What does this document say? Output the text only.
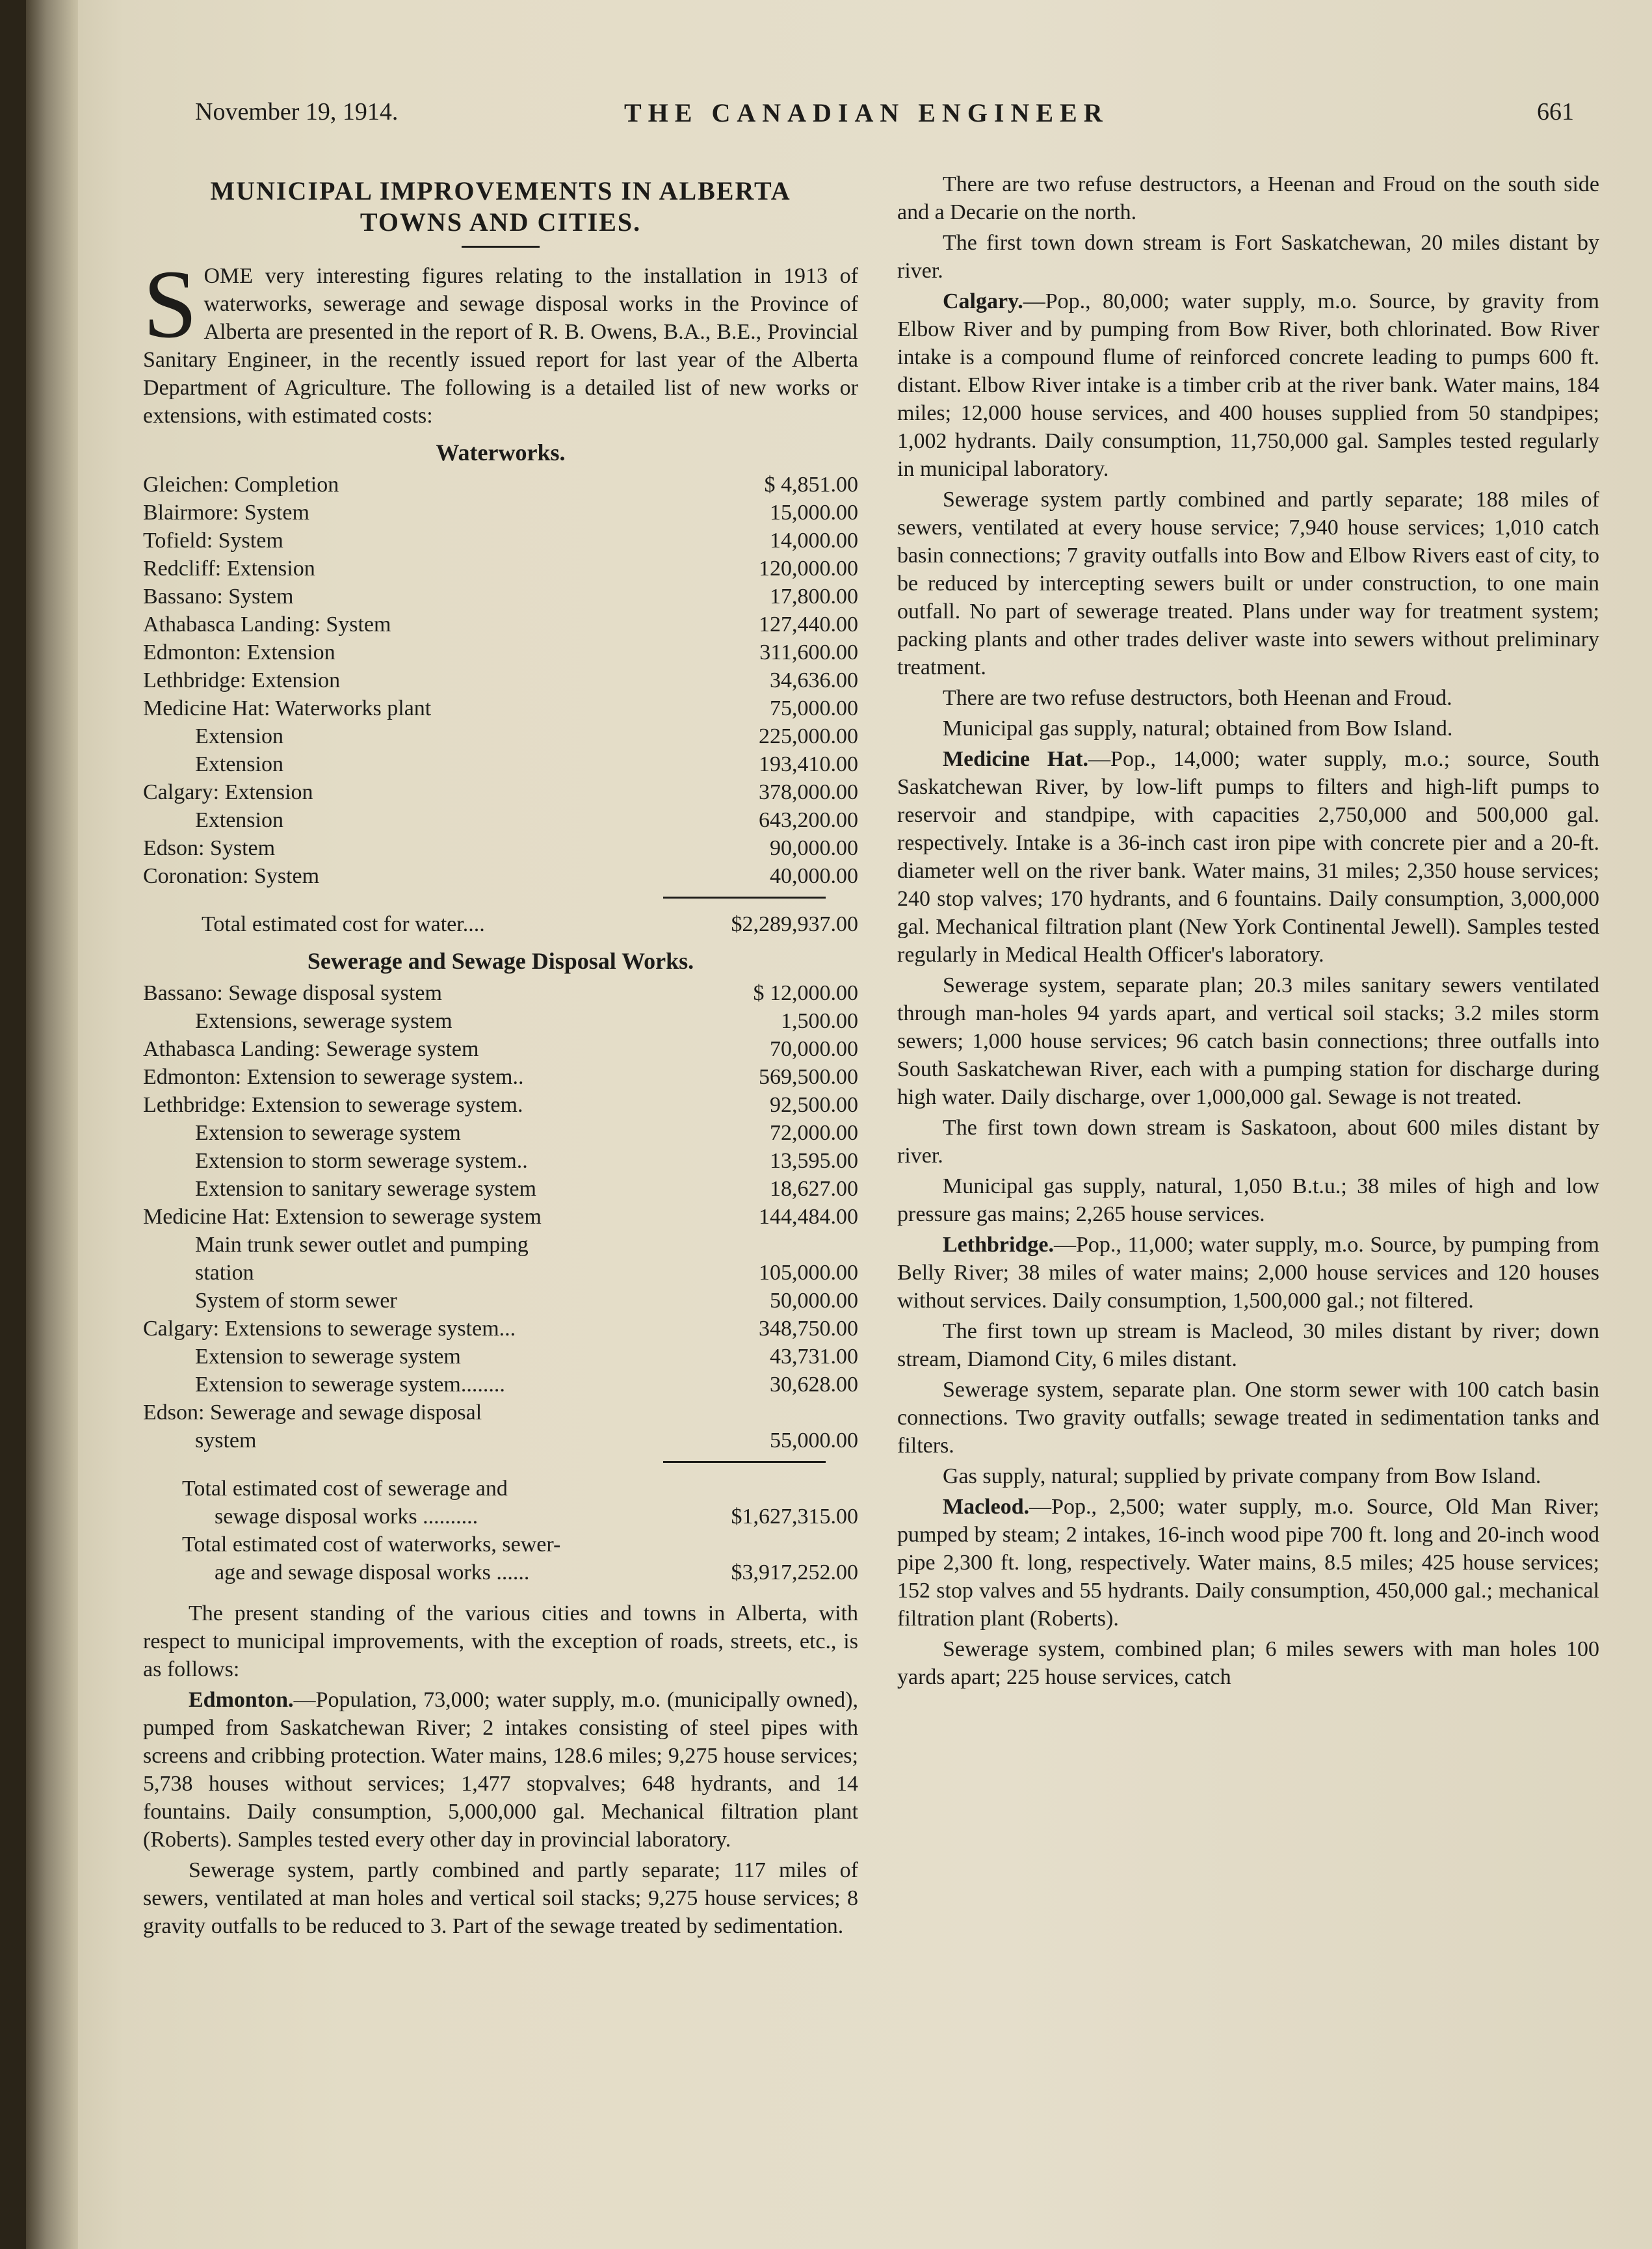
November 19, 1914.	THE CANADIAN ENGINEER	661
MUNICIPAL IMPROVEMENTS IN ALBERTA
TOWNS AND CITIES.

SOME very interesting figures relating to the installation in 1913 of waterworks, sewerage and sewage disposal works in the Province of Alberta are presented in the report of R. B. Owens, B.A., B.E., Provincial Sanitary Engineer, in the recently issued report for last year of the Alberta Department of Agriculture. The following is a detailed list of new works or extensions, with estimated costs:

Waterworks.
Gleichen: Completion	$ 4,851.00
Blairmore: System	15,000.00
Tofield: System	14,000.00
Redcliff: Extension	120,000.00
Bassano: System	17,800.00
Athabasca Landing: System	127,440.00
Edmonton: Extension	311,600.00
Lethbridge: Extension	34,636.00
Medicine Hat: Waterworks plant	75,000.00
Extension	225,000.00
Extension	193,410.00
Calgary: Extension	378,000.00
Extension	643,200.00
Edson: System	90,000.00
Coronation: System	40,000.00
Total estimated cost for water....	$2,289,937.00
Sewerage and Sewage Disposal Works.
Bassano: Sewage disposal system	$ 12,000.00
Extensions, sewerage system	1,500.00
Athabasca Landing: Sewerage system	70,000.00
Edmonton: Extension to sewerage system..	569,500.00
Lethbridge: Extension to sewerage system.	92,500.00
Extension to sewerage system	72,000.00
Extension to storm sewerage system..	13,595.00
Extension to sanitary sewerage system	18,627.00
Medicine Hat: Extension to sewerage system	144,484.00
Main trunk sewer outlet and pumping
station	105,000.00
System of storm sewer	50,000.00
Calgary: Extensions to sewerage system...	348,750.00
Extension to sewerage system	43,731.00
Extension to sewerage system........	30,628.00
Edson: Sewerage and sewage disposal
system	55,000.00
Total estimated cost of sewerage and
sewage disposal works ..........	$1,627,315.00
Total estimated cost of waterworks, sewer-
age and sewage disposal works ......	$3,917,252.00

The present standing of the various cities and towns in Alberta, with respect to municipal improvements, with the exception of roads, streets, etc., is as follows:

Edmonton.—Population, 73,000; water supply, m.o. (municipally owned), pumped from Saskatchewan River; 2 intakes consisting of steel pipes with screens and cribbing protection. Water mains, 128.6 miles; 9,275 house services; 5,738 houses without services; 1,477 stopvalves; 648 hydrants, and 14 fountains. Daily consumption, 5,000,000 gal. Mechanical filtration plant (Roberts). Samples tested every other day in provincial laboratory.

Sewerage system, partly combined and partly separate; 117 miles of sewers, ventilated at man holes and vertical soil stacks; 9,275 house services; 8 gravity outfalls to be reduced to 3. Part of the sewage treated by sedimentation.

There are two refuse destructors, a Heenan and Froud on the south side and a Decarie on the north.

The first town down stream is Fort Saskatchewan, 20 miles distant by river.

Calgary.—Pop., 80,000; water supply, m.o. Source, by gravity from Elbow River and by pumping from Bow River, both chlorinated. Bow River intake is a compound flume of reinforced concrete leading to pumps 600 ft. distant. Elbow River intake is a timber crib at the river bank. Water mains, 184 miles; 12,000 house services, and 400 houses supplied from 50 standpipes; 1,002 hydrants. Daily consumption, 11,750,000 gal. Samples tested regularly in municipal laboratory.

Sewerage system partly combined and partly separate; 188 miles of sewers, ventilated at every house service; 7,940 house services; 1,010 catch basin connections; 7 gravity outfalls into Bow and Elbow Rivers east of city, to be reduced by intercepting sewers built or under construction, to one main outfall. No part of sewerage treated. Plans under way for treatment system; packing plants and other trades deliver waste into sewers without preliminary treatment.

There are two refuse destructors, both Heenan and Froud.

Municipal gas supply, natural; obtained from Bow Island.

Medicine Hat.—Pop., 14,000; water supply, m.o.; source, South Saskatchewan River, by low-lift pumps to filters and high-lift pumps to reservoir and standpipe, with capacities 2,750,000 and 500,000 gal. respectively. Intake is a 36-inch cast iron pipe with concrete pier and a 20-ft. diameter well on the river bank. Water mains, 31 miles; 2,350 house services; 240 stop valves; 170 hydrants, and 6 fountains. Daily consumption, 3,000,000 gal. Mechanical filtration plant (New York Continental Jewell). Samples tested regularly in Medical Health Officer's laboratory.

Sewerage system, separate plan; 20.3 miles sanitary sewers ventilated through man-holes 94 yards apart, and vertical soil stacks; 3.2 miles storm sewers; 1,000 house services; 96 catch basin connections; three outfalls into South Saskatchewan River, each with a pumping station for discharge during high water. Daily discharge, over 1,000,000 gal. Sewage is not treated.

The first town down stream is Saskatoon, about 600 miles distant by river.

Municipal gas supply, natural, 1,050 B.t.u.; 38 miles of high and low pressure gas mains; 2,265 house services.

Lethbridge.—Pop., 11,000; water supply, m.o. Source, by pumping from Belly River; 38 miles of water mains; 2,000 house services and 120 houses without services. Daily consumption, 1,500,000 gal.; not filtered.

The first town up stream is Macleod, 30 miles distant by river; down stream, Diamond City, 6 miles distant.

Sewerage system, separate plan. One storm sewer with 100 catch basin connections. Two gravity outfalls; sewage treated in sedimentation tanks and filters.

Gas supply, natural; supplied by private company from Bow Island.

Macleod.—Pop., 2,500; water supply, m.o. Source, Old Man River; pumped by steam; 2 intakes, 16-inch wood pipe 700 ft. long and 20-inch wood pipe 2,300 ft. long, respectively. Water mains, 8.5 miles; 425 house services; 152 stop valves and 55 hydrants. Daily consumption, 450,000 gal.; mechanical filtration plant (Roberts).

Sewerage system, combined plan; 6 miles sewers with man holes 100 yards apart; 225 house services, catch
